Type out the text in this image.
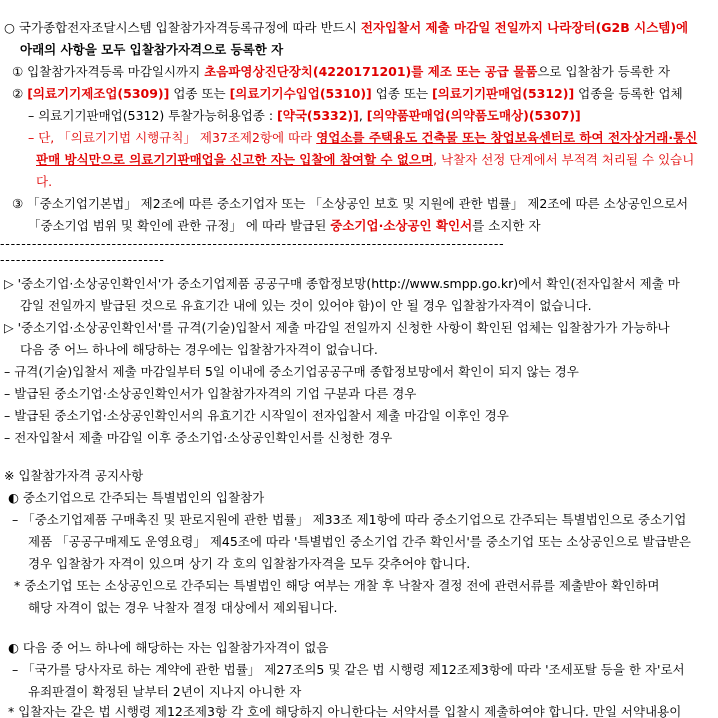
○ 국가종합전자조달시스템 입찰참가자격등록규정에 따라 반드시 전자입찰서 제출 마감일 전일까지 나라장터(G2B 시스템)에
아래의 사항을 모두 입찰참가자격으로 등록한 자
① 입찰참가자격등록 마감일시까지 초음파영상진단장치(4220171201)를 제조 또는 공급 물품으로 입찰참가 등록한 자
② [의료기기제조업(5309)] 업종 또는 [의료기기수입업(5310)] 업종 또는 [의료기기판매업(5312)] 업종을 등록한 업체
– 의료기기판매업(5312) 투찰가능허용업종 : [약국(5332)], [의약품판매업(의약품도매상)(5307)]
– 단, 「의료기기법 시행규칙」 제37조제2항에 따라 영업소를 주택용도 건축물 또는 창업보육센터로 하여 전자상거래·통신
판매 방식만으로 의료기기판매업을 신고한 자는 입찰에 참여할 수 없으며, 낙찰자 선정 단계에서 부적격 처리될 수 있습니
다.
③ 「중소기업기본법」 제2조에 따른 중소기업자 또는 「소상공인 보호 및 지원에 관한 법률」 제2조에 따른 소상공인으로서
「중소기업 범위 및 확인에 관한 규정」 에 따라 발급된 중소기업·소상공인 확인서를 소지한 자
-----------------------------------------------------------------------------------------------
-------------------------------
▷ '중소기업·소상공인확인서'가 중소기업제품 공공구매 종합정보망(http://www.smpp.go.kr)에서 확인(전자입찰서 제출 마
감일 전일까지 발급된 것으로 유효기간 내에 있는 것이 있어야 함)이 안 될 경우 입찰참가자격이 없습니다.
▷ '중소기업·소상공인확인서'를 규격(기술)입찰서 제출 마감일 전일까지 신청한 사항이 확인된 업체는 입찰참가가 가능하나
다음 중 어느 하나에 해당하는 경우에는 입찰참가자격이 없습니다.
– 규격(기술)입찰서 제출 마감일부터 5일 이내에 중소기업공공구매 종합정보망에서 확인이 되지 않는 경우
– 발급된 중소기업·소상공인확인서가 입찰참가자격의 기업 구분과 다른 경우
– 발급된 중소기업·소상공인확인서의 유효기간 시작일이 전자입찰서 제출 마감일 이후인 경우
– 전자입찰서 제출 마감일 이후 중소기업·소상공인확인서를 신청한 경우
※ 입찰참가자격 공지사항
◐ 중소기업으로 간주되는 특별법인의 입찰참가
– 「중소기업제품 구매촉진 및 판로지원에 관한 법률」 제33조 제1항에 따라 중소기업으로 간주되는 특별법인으로 중소기업
제품 「공공구매제도 운영요령」 제45조에 따라 '특별법인 중소기업 간주 확인서'를 중소기업 또는 소상공인으로 발급받은
경우 입찰참가 자격이 있으며 상기 각 호의 입찰참가자격을 모두 갖추어야 합니다.
* 중소기업 또는 소상공인으로 간주되는 특별법인 해당 여부는 개찰 후 낙찰자 결정 전에 관련서류를 제출받아 확인하며
해당 자격이 없는 경우 낙찰자 결정 대상에서 제외됩니다.
◐ 다음 중 어느 하나에 해당하는 자는 입찰참가자격이 없음
– 「국가를 당사자로 하는 계약에 관한 법률」 제27조의5 및 같은 법 시행령 제12조제3항에 따라 '조세포탈 등을 한 자'로서
유죄판결이 확정된 날부터 2년이 지나지 아니한 자
* 입찰자는 같은 법 시행령 제12조제3항 각 호에 해당하지 아니한다는 서약서를 입찰시 제출하여야 합니다. 만일 서약내용이
